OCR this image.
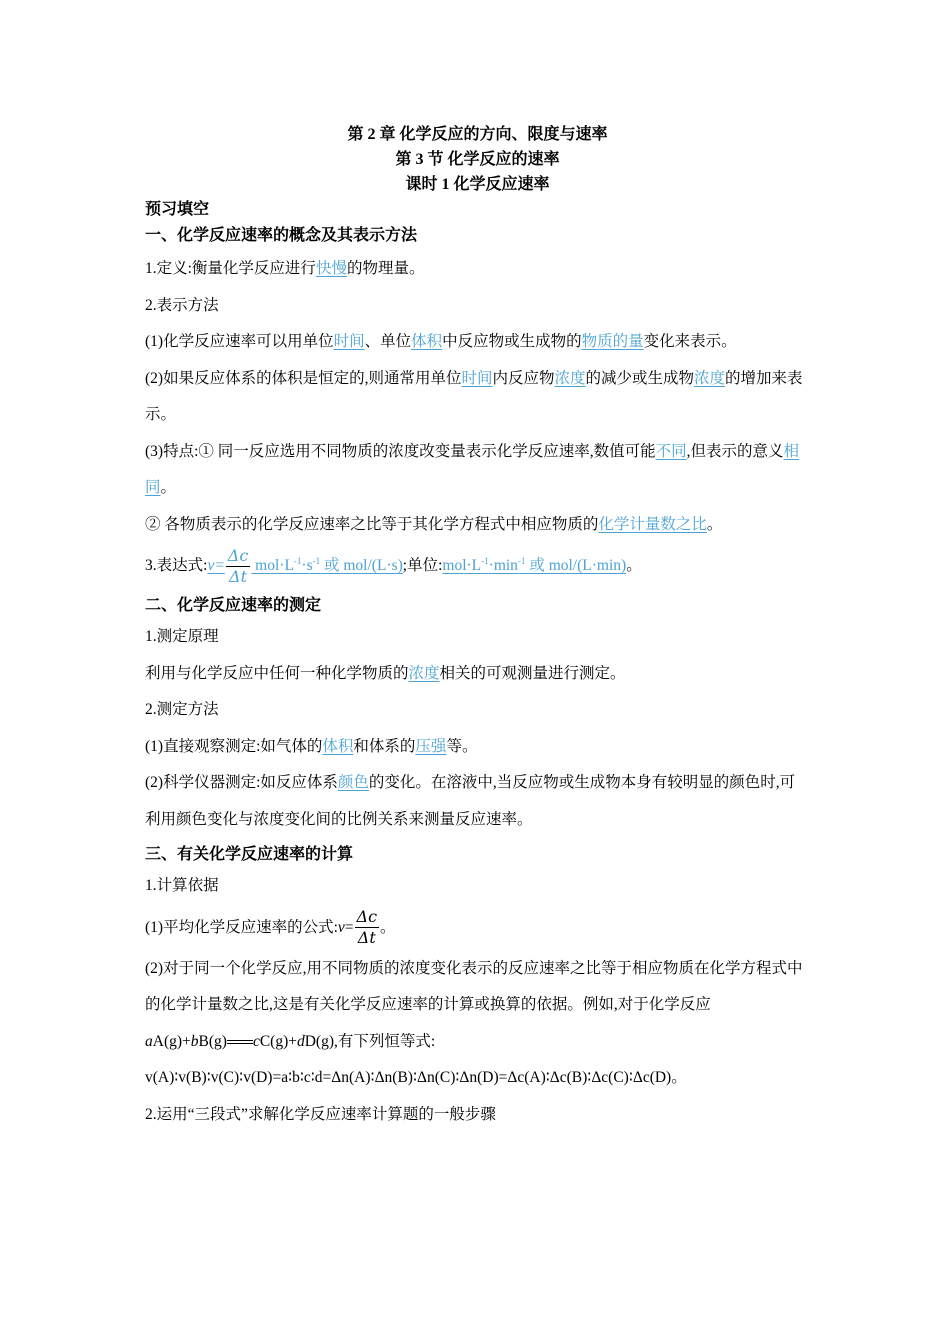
第 2 章 化学反应的方向、限度与速率
第 3 节 化学反应的速率
课时 1 化学反应速率
预习填空
一、化学反应速率的概念及其表示方法
1.定义:衡量化学反应进行快慢的物理量。
2.表示方法
(1)化学反应速率可以用单位时间、单位体积中反应物或生成物的物质的量变化来表示。
(2)如果反应体系的体积是恒定的,则通常用单位时间内反应物浓度的减少或生成物浓度的增加来表示。
(3)特点:① 同一反应选用不同物质的浓度改变量表示化学反应速率,数值可能不同,但表示的意义相同。
② 各物质表示的化学反应速率之比等于其化学方程式中相应物质的化学计量数之比。
3.表达式:v= $\frac{\Delta c}{\Delta t} mol\cdot L^{-1}\cdot s^{-1}$ 或 mol/(L·s);单位$:mol\cdot L^{-1}\cdot\min^{-1}$ 或 mol/(L·min)。
二、化学反应速率的测定
1.测定原理
利用与化学反应中任何一种化学物质的浓度相关的可观测量进行测定。
2.测定方法
(1)直接观察测定:如气体的体积和体系的压强等。
(2)科学仪器测定:如反应体系颜色的变化。在溶液中,当反应物或生成物本身有较明显的颜色时,可利用颜色变化与浓度变化间的比例关系来测量反应速率。
三、有关化学反应速率的计算
1.计算依据
(1)平均化学反应速率的公式:v= $\frac{\Delta c}{\Delta t}$ 。
(2)对于同一个化学反应,用不同物质的浓度变化表示的反应速率之比等于相应物质在化学方程式中的化学计量数之比,这是有关化学反应速率的计算或换算的依据。例如,对于化学反应
aA(g)+bB(g) cC(g)+dD(g),有下列恒等式:
v(A)∶v(B)∶v(C)∶v(D)=a∶b∶c∶d=Δn(A)∶Δn(B)∶Δn(C)∶Δn(D)=Δc(A)∶Δc(B)∶Δc(C)∶Δc(D)。
2.运用“三段式”求解化学反应速率计算题的一般步骤
